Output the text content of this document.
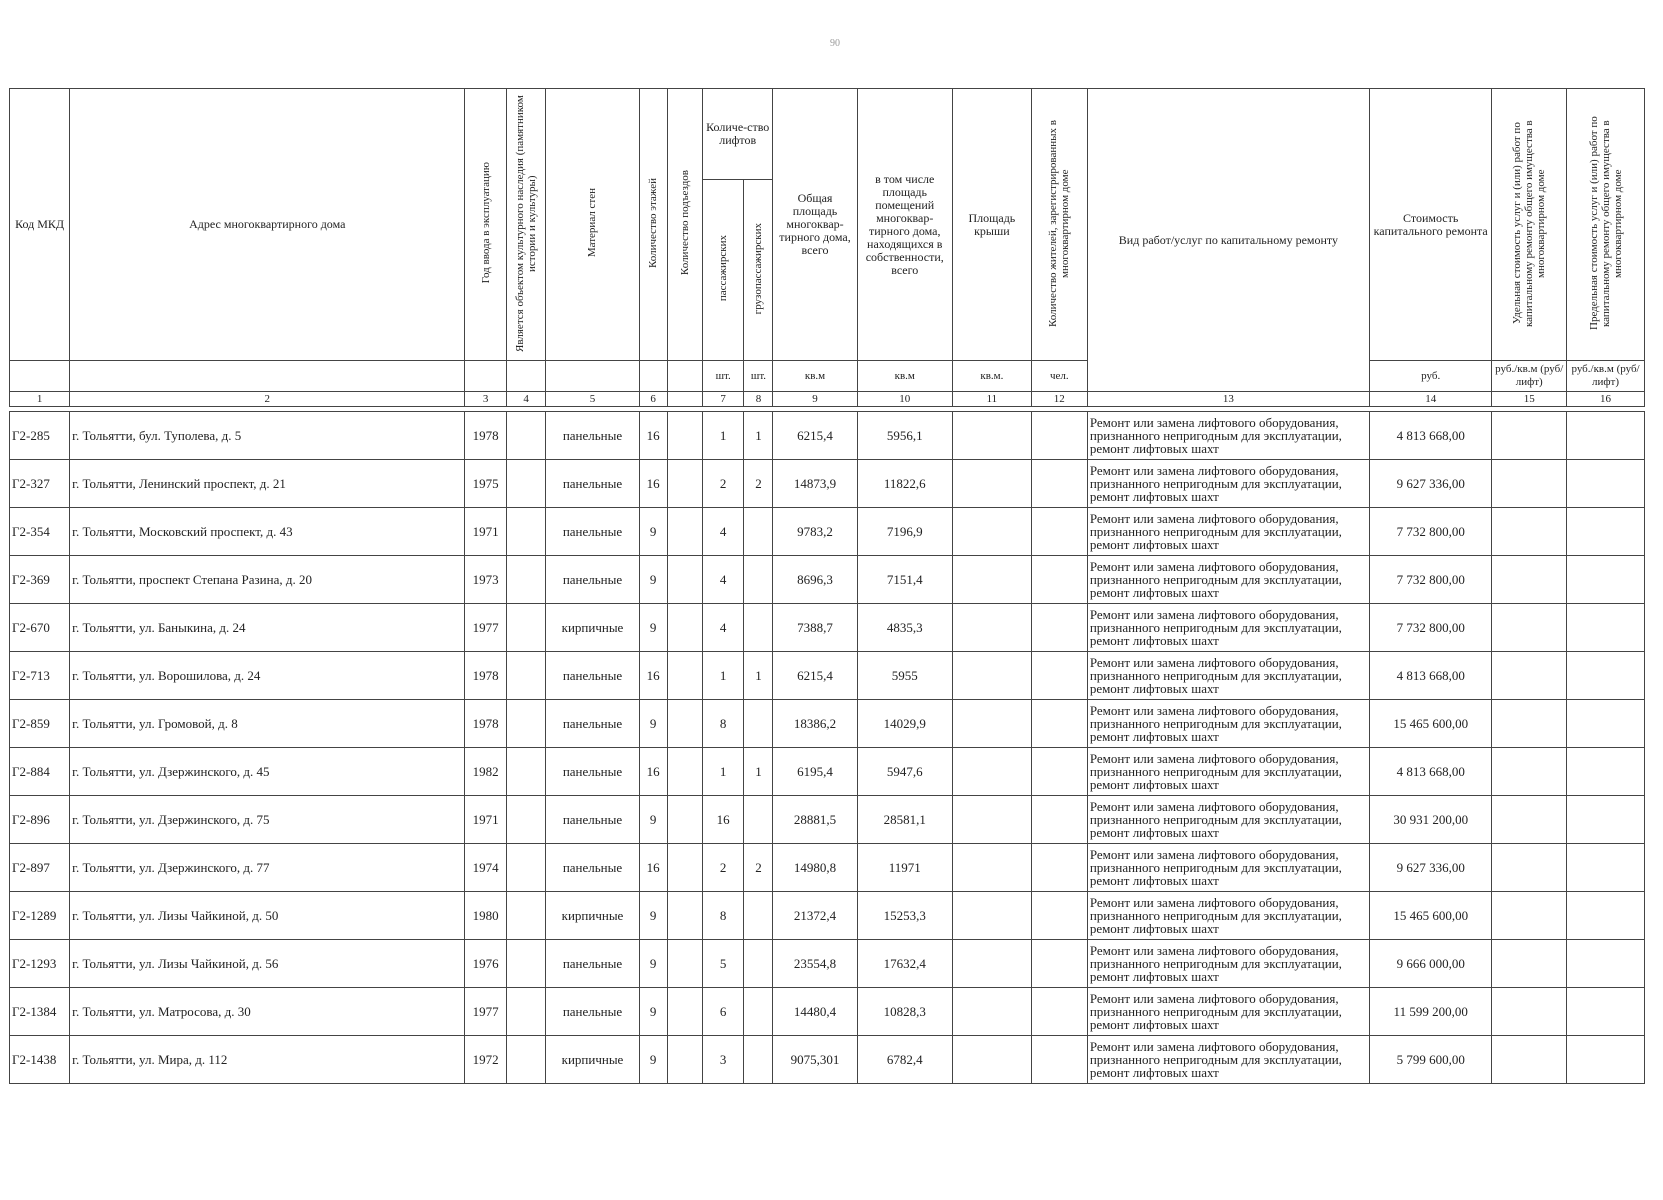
90
Код МКД	Адрес многоквартирного дома	Год ввода в эксплуатацию	Является объектом культурного наследия (памятником истории и культуры)	Материал стен	Количество этажей	Количество подъездов	Количе-ство лифтов		Общая площадь многоквар-тирного дома, всего	в том числе площадь помещений многоквар-тирного дома, находящихся в собственности, всего	Площадь крыши	Количество жителей, зарегистрированных в многоквартирном доме	Вид работ/услуг по капитальному ремонту	Стоимость капитального ремонта	Удельная стоимость услуг и (или) работ по капитальному ремонту общего имущества в многоквартирном доме	Предельная стоимость услуг и (или) работ по капитальному ремонту общего имущества в многоквартирном доме
							пассажирских	грузопассажирских								
							шт.	шт.	кв.м	кв.м	кв.м.	чел.		руб.	руб./кв.м (руб/лифт)	руб./кв.м (руб/лифт)
1	2	3	4	5	6		7	8	9	10	11	12	13	14	15	16

Г2-285	г. Тольятти, бул. Туполева, д. 5	1978		панельные	16		1	1	6215,4	5956,1			Ремонт или замена лифтового оборудования, признанного непригодным для эксплуатации, ремонт лифтовых шахт	4 813 668,00		
Г2-327	г. Тольятти, Ленинский проспект, д. 21	1975		панельные	16		2	2	14873,9	11822,6			Ремонт или замена лифтового оборудования, признанного непригодным для эксплуатации, ремонт лифтовых шахт	9 627 336,00		
Г2-354	г. Тольятти, Московский проспект, д. 43	1971		панельные	9		4		9783,2	7196,9			Ремонт или замена лифтового оборудования, признанного непригодным для эксплуатации, ремонт лифтовых шахт	7 732 800,00		
Г2-369	г. Тольятти, проспект Степана Разина, д. 20	1973		панельные	9		4		8696,3	7151,4			Ремонт или замена лифтового оборудования, признанного непригодным для эксплуатации, ремонт лифтовых шахт	7 732 800,00		
Г2-670	г. Тольятти, ул. Баныкина, д. 24	1977		кирпичные	9		4		7388,7	4835,3			Ремонт или замена лифтового оборудования, признанного непригодным для эксплуатации, ремонт лифтовых шахт	7 732 800,00		
Г2-713	г. Тольятти, ул. Ворошилова, д. 24	1978		панельные	16		1	1	6215,4	5955			Ремонт или замена лифтового оборудования, признанного непригодным для эксплуатации, ремонт лифтовых шахт	4 813 668,00		
Г2-859	г. Тольятти, ул. Громовой, д. 8	1978		панельные	9		8		18386,2	14029,9			Ремонт или замена лифтового оборудования, признанного непригодным для эксплуатации, ремонт лифтовых шахт	15 465 600,00		
Г2-884	г. Тольятти, ул. Дзержинского, д. 45	1982		панельные	16		1	1	6195,4	5947,6			Ремонт или замена лифтового оборудования, признанного непригодным для эксплуатации, ремонт лифтовых шахт	4 813 668,00		
Г2-896	г. Тольятти, ул. Дзержинского, д. 75	1971		панельные	9		16		28881,5	28581,1			Ремонт или замена лифтового оборудования, признанного непригодным для эксплуатации, ремонт лифтовых шахт	30 931 200,00		
Г2-897	г. Тольятти, ул. Дзержинского, д. 77	1974		панельные	16		2	2	14980,8	11971			Ремонт или замена лифтового оборудования, признанного непригодным для эксплуатации, ремонт лифтовых шахт	9 627 336,00		
Г2-1289	г. Тольятти, ул. Лизы Чайкиной, д. 50	1980		кирпичные	9		8		21372,4	15253,3			Ремонт или замена лифтового оборудования, признанного непригодным для эксплуатации, ремонт лифтовых шахт	15 465 600,00		
Г2-1293	г. Тольятти, ул. Лизы Чайкиной, д. 56	1976		панельные	9		5		23554,8	17632,4			Ремонт или замена лифтового оборудования, признанного непригодным для эксплуатации, ремонт лифтовых шахт	9 666 000,00		
Г2-1384	г. Тольятти, ул. Матросова, д. 30	1977		панельные	9		6		14480,4	10828,3			Ремонт или замена лифтового оборудования, признанного непригодным для эксплуатации, ремонт лифтовых шахт	11 599 200,00		
Г2-1438	г. Тольятти, ул. Мира, д. 112	1972		кирпичные	9		3		9075,301	6782,4			Ремонт или замена лифтового оборудования, признанного непригодным для эксплуатации, ремонт лифтовых шахт	5 799 600,00		
